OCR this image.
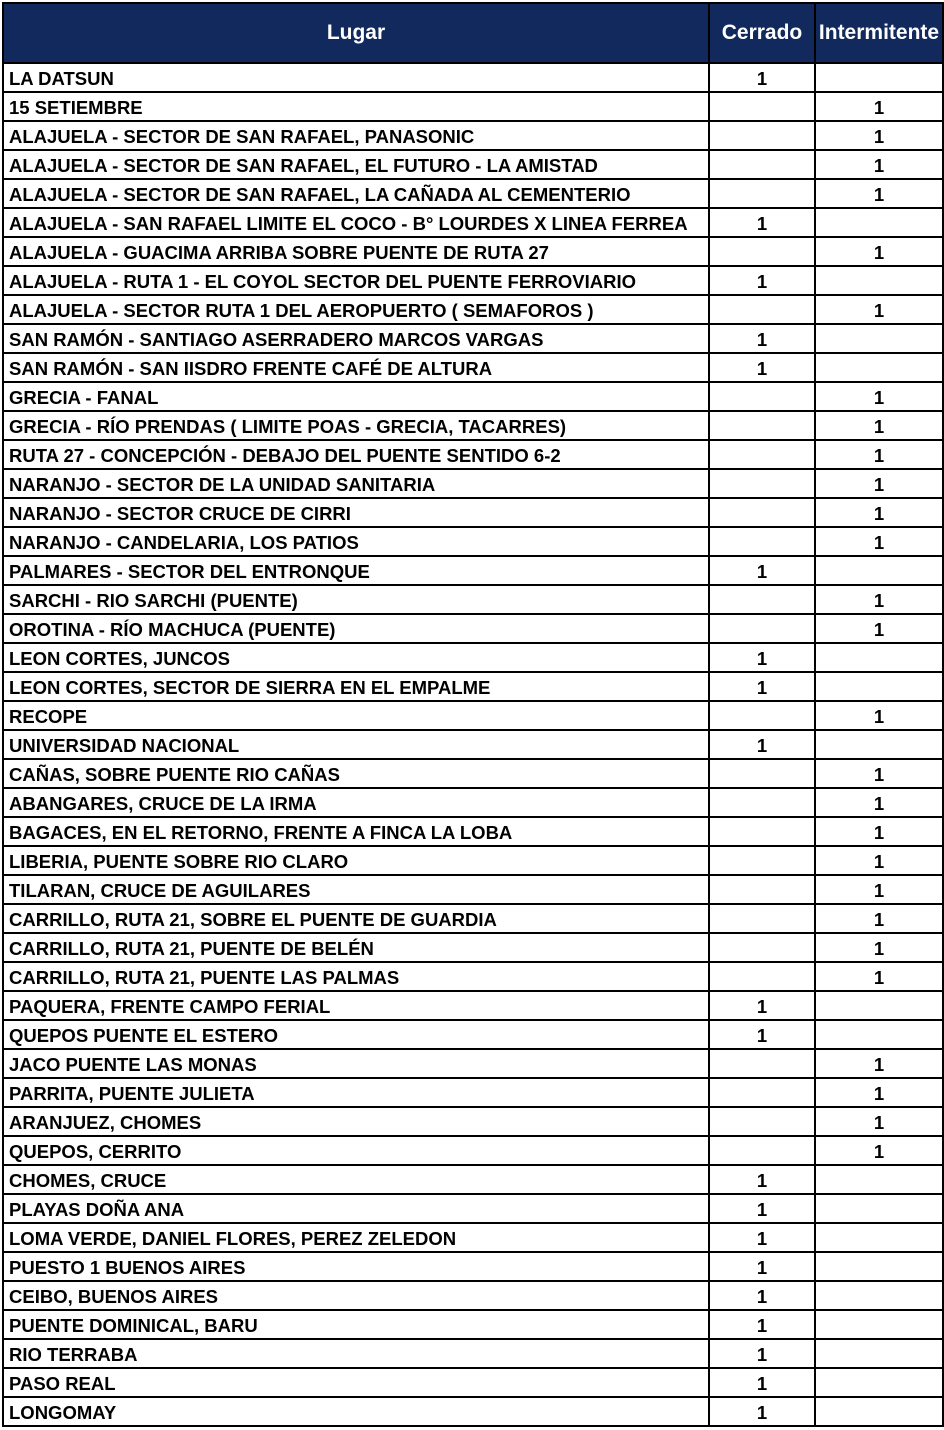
Lugar	Cerrado	Intermitente
LA DATSUN	1	
15 SETIEMBRE		1
ALAJUELA - SECTOR DE SAN RAFAEL, PANASONIC		1
ALAJUELA - SECTOR DE SAN RAFAEL, EL FUTURO - LA AMISTAD		1
ALAJUELA - SECTOR DE SAN RAFAEL, LA CAÑADA AL CEMENTERIO		1
ALAJUELA - SAN RAFAEL LIMITE EL COCO - B° LOURDES X LINEA FERREA	1	
ALAJUELA - GUACIMA ARRIBA SOBRE PUENTE DE RUTA 27		1
ALAJUELA - RUTA 1 - EL COYOL SECTOR DEL PUENTE FERROVIARIO	1	
ALAJUELA - SECTOR RUTA 1 DEL AEROPUERTO ( SEMAFOROS )		1
SAN RAMÓN - SANTIAGO ASERRADERO MARCOS VARGAS	1	
SAN RAMÓN - SAN IISDRO FRENTE CAFÉ DE ALTURA	1	
GRECIA - FANAL		1
GRECIA - RÍO PRENDAS ( LIMITE POAS - GRECIA, TACARRES)		1
RUTA 27 - CONCEPCIÓN - DEBAJO DEL PUENTE SENTIDO 6-2		1
NARANJO - SECTOR DE LA UNIDAD SANITARIA		1
NARANJO - SECTOR CRUCE DE CIRRI		1
NARANJO - CANDELARIA, LOS PATIOS		1
PALMARES - SECTOR DEL ENTRONQUE	1	
SARCHI - RIO SARCHI (PUENTE)		1
OROTINA - RÍO MACHUCA (PUENTE)		1
LEON CORTES, JUNCOS	1	
LEON CORTES, SECTOR DE SIERRA EN EL EMPALME	1	
RECOPE		1
UNIVERSIDAD NACIONAL	1	
CAÑAS, SOBRE PUENTE RIO CAÑAS		1
ABANGARES, CRUCE DE LA IRMA		1
BAGACES, EN EL RETORNO, FRENTE A FINCA LA LOBA		1
LIBERIA, PUENTE SOBRE RIO CLARO		1
TILARAN, CRUCE DE AGUILARES		1
CARRILLO, RUTA 21, SOBRE EL PUENTE DE GUARDIA		1
CARRILLO, RUTA 21, PUENTE DE BELÉN		1
CARRILLO, RUTA 21, PUENTE LAS PALMAS		1
PAQUERA, FRENTE CAMPO FERIAL	1	
QUEPOS PUENTE EL ESTERO	1	
JACO PUENTE LAS MONAS		1
PARRITA, PUENTE JULIETA		1
ARANJUEZ, CHOMES		1
QUEPOS, CERRITO		1
CHOMES, CRUCE	1	
PLAYAS DOÑA ANA	1	
LOMA VERDE, DANIEL FLORES, PEREZ ZELEDON	1	
PUESTO 1 BUENOS AIRES	1	
CEIBO, BUENOS AIRES	1	
PUENTE DOMINICAL, BARU	1	
RIO TERRABA	1	
PASO REAL	1	
LONGOMAY	1	
